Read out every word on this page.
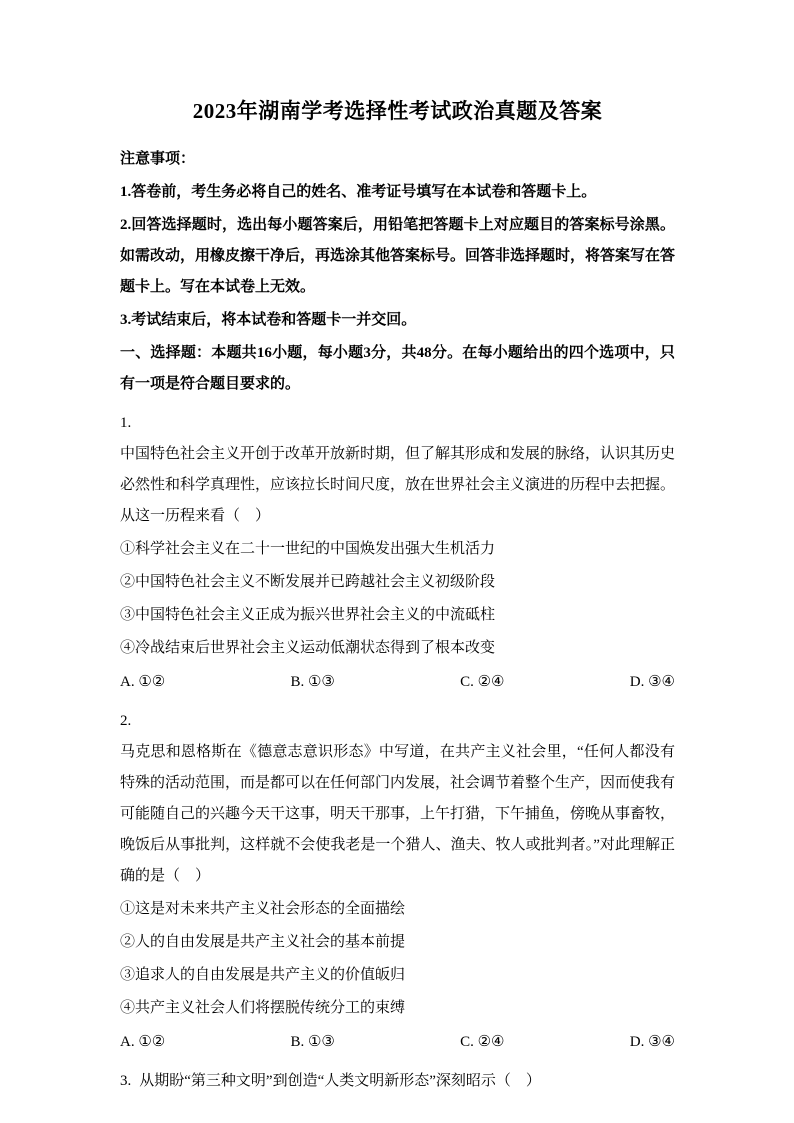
2023年湖南学考选择性考试政治真题及答案

注意事项：

1.答卷前，考生务必将自己的姓名、准考证号填写在本试卷和答题卡上。

2.回答选择题时，选出每小题答案后，用铅笔把答题卡上对应题目的答案标号涂黑。如需改动，用橡皮擦干净后，再选涂其他答案标号。回答非选择题时，将答案写在答题卡上。写在本试卷上无效。

3.考试结束后，将本试卷和答题卡一并交回。

一、选择题：本题共16小题，每小题3分，共48分。在每小题给出的四个选项中，只有一项是符合题目要求的。

1.

中国特色社会主义开创于改革开放新时期，但了解其形成和发展的脉络，认识其历史必然性和科学真理性，应该拉长时间尺度，放在世界社会主义演进的历程中去把握。从这一历程来看（　）

①科学社会主义在二十一世纪的中国焕发出强大生机活力

②中国特色社会主义不断发展并已跨越社会主义初级阶段

③中国特色社会主义正成为振兴世界社会主义的中流砥柱

④冷战结束后世界社会主义运动低潮状态得到了根本改变

A. ①②	B. ①③	C. ②④	D. ③④

2.

马克思和恩格斯在《德意志意识形态》中写道，在共产主义社会里，“任何人都没有特殊的活动范围，而是都可以在任何部门内发展，社会调节着整个生产，因而使我有可能随自己的兴趣今天干这事，明天干那事，上午打猎，下午捕鱼，傍晚从事畜牧，晚饭后从事批判，这样就不会使我老是一个猎人、渔夫、牧人或批判者。”对此理解正确的是（　）

①这是对未来共产主义社会形态的全面描绘

②人的自由发展是共产主义社会的基本前提

③追求人的自由发展是共产主义的价值皈归

④共产主义社会人们将摆脱传统分工的束缚

A. ①②	B. ①③	C. ②④	D. ③④

3. 从期盼“第三种文明”到创造“人类文明新形态”深刻昭示（　）
